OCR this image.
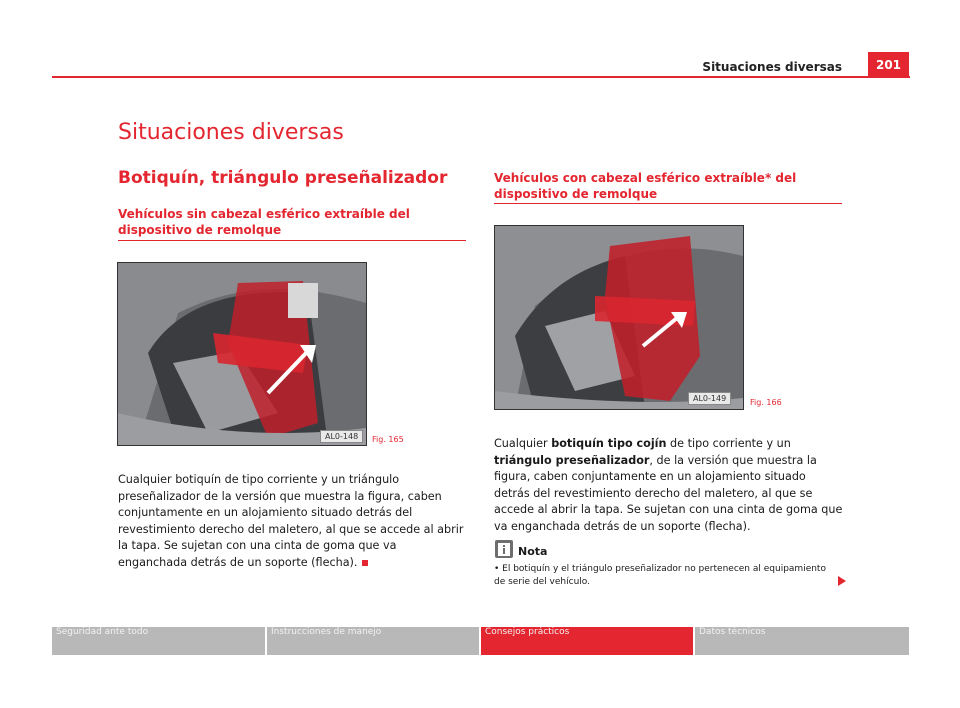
Situaciones diversas	201
Situaciones diversas
Botiquín, triángulo preseñalizador
Vehículos sin cabezal esférico extraíble del dispositivo de remolque
AL0-148	Fig. 165
Cualquier botiquín de tipo corriente y un triángulo preseñalizador de la versión que muestra la figura, caben conjuntamente en un alojamiento situado detrás del revestimiento derecho del maletero, al que se accede al abrir la tapa. Se sujetan con una cinta de goma que va enganchada detrás de un soporte (flecha).
Vehículos con cabezal esférico extraíble* del dispositivo de remolque
AL0-149	Fig. 166
Cualquier botiquín tipo cojín de tipo corriente y un triángulo preseñalizador, de la versión que muestra la figura, caben conjuntamente en un alojamiento situado detrás del revestimiento derecho del maletero, al que se accede al abrir la tapa. Se sujetan con una cinta de goma que va enganchada detrás de un soporte (flecha).
Nota
• El botiquín y el triángulo preseñalizador no pertenecen al equipamiento de serie del vehículo.
Seguridad ante todo	Instrucciones de manejo	Consejos prácticos	Datos técnicos
